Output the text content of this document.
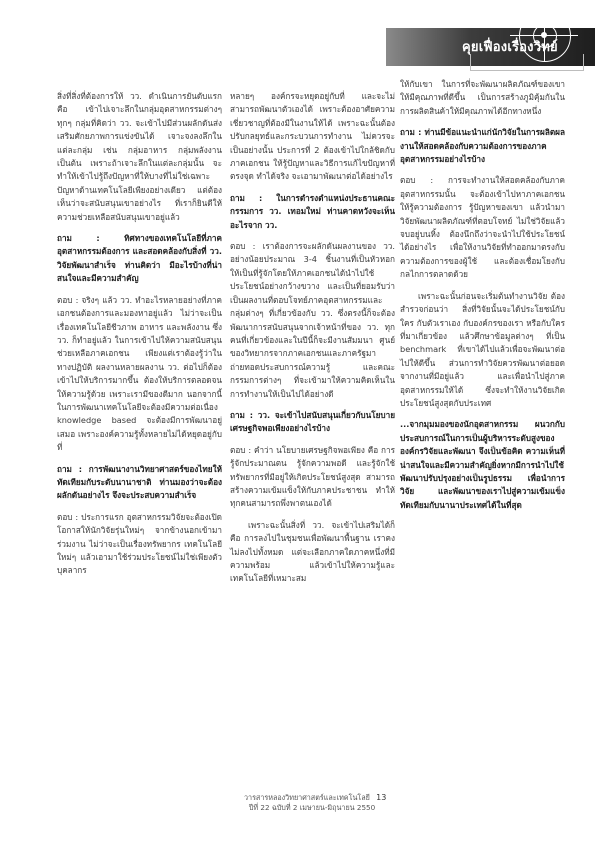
คุยเฟื่องเรื่องวิทย์

สิ่งที่สิ่งที่ต้องการให้ วว. ดำเนินการยันดับแรกคือ เข้าไปเจาะลึกในกลุ่มอุตสาหกรรมต่างๆ ทุกๆ กลุ่มที่คิดว่า วว. จะเข้าไปมีส่วนผลักดันส่งเสริมศักยภาพการแข่งขันได้ เจาะจงลงลึกในแต่ละกลุ่ม เช่น กลุ่มอาหาร กลุ่มพลังงาน เป็นต้น เพราะถ้าเจาะลึกในแต่ละกลุ่มนั้น จะทำให้เข้าไปรู้ถึงปัญหาที่ให้บางที่ไม่ใช่เฉพาะปัญหาด้านเทคโนโลยีเพียงอย่างเดียว แต่ต้องเห็นว่าจะสนับสนุนเขาอย่างไร ที่เราก็ยินดีให้ความช่วยเหลือสนับสนุนเขาอยู่แล้ว

ถาม : ทิศทางของเทคโนโลยีที่ภาคอุตสาหกรรมต้องการ และสอดคล้องกับสิ่งที่ วว. วิจัยพัฒนาสำเร็จ ท่านคิดว่า มีอะไรบ้างที่น่าสนใจและมีความสำคัญ

ตอบ : จริงๆ แล้ว วว. ทำอะไรหลายอย่างที่ภาคเอกชนต้องการและมองหาอยู่แล้ว ไม่ว่าจะเป็นเรื่องเทคโนโลยีชีวภาพ อาหาร และพลังงาน ซึ่ง วว. ก็ทำอยู่แล้ว ในการเข้าไปให้ความสนับสนุนช่วยเหลือภาคเอกชน เพียงแต่เราต้องรู้ว่าในทางปฏิบัติ ผลงานหลายผลงาน วว. ต่อไปก็ต้องเข้าไปให้บริการมากขึ้น ต้องให้บริการตลอดจนให้ความรู้ด้วย เพราะเรามีของดีมาก นอกจากนี้ในการพัฒนาเทคโนโลยีจะต้องมีความต่อเนื่อง knowledge based จะต้องมีการพัฒนาอยู่เสมอ เพราะองค์ความรู้ทั้งหลายไม่ได้หยุดอยู่กับที่

ถาม : การพัฒนางานวิทยาศาสตร์ของไทยให้ทัดเทียมกับระดับนานาชาติ ท่านมองว่าจะต้องผลักดันอย่างไร จึงจะประสบความสำเร็จ

ตอบ : ประการแรก อุตสาหกรรมวิจัยจะต้องเปิดโอกาสให้นักวิจัยรุ่นใหม่ๆ จากข้างนอกเข้ามาร่วมงาน ไม่ว่าจะเป็นเรื่องทรัพยากร เทคโนโลยีใหม่ๆ แล้วเอามาใช้ร่วมประโยชน์ไม่ใช่เพียงตัวบุคลากร

หลายๆ องค์กรจะหยุดอยู่กับที่ และจะไม่สามารถพัฒนาตัวเองได้ เพราะต้องอาศัยความเชี่ยวชาญที่ต้องมีในงานให้ได้ เพราะฉะนั้นต้องปรับกลยุทธ์และกระบวนการทำงาน ไม่ควรจะเป็นอย่างนั้น ประการที่ 2 ต้องเข้าไปใกล้ชิดกับภาคเอกชน ให้รู้ปัญหาและวิธีการแก้ไขปัญหาที่ตรงจุด ทำได้จริง จะเอามาพัฒนาต่อได้อย่างไร

ถาม : ในการดำรงตำแหน่งประธานคณะกรรมการ วว. เทอมใหม่ ท่านคาดหวังจะเห็นอะไรจาก วว.

ตอบ : เราต้องการจะผลักดันผลงานของ วว. อย่างน้อยประมาณ 3-4 ชิ้นงานที่เป็นหัวหอก ให้เป็นที่รู้จักโดยให้ภาคเอกชนได้นำไปใช้ประโยชน์อย่างกว้างขวาง และเป็นที่ยอมรับว่าเป็นผลงานที่ตอบโจทย์ภาคอุตสาหกรรมและกลุ่มต่างๆ ที่เกี่ยวข้องกับ วว. ซึ่งตรงนี้ก็จะต้องพัฒนาการสนับสนุนจากเจ้าหน้าที่ของ วว. ทุกคนที่เกี่ยวข้องและในปีนี้ก็จะมีงานสัมมนา ศูนย์ของวิทยากรจากภาคเอกชนและภาครัฐมาถ่ายทอดประสบการณ์ความรู้ และคณะกรรมการต่างๆ ที่จะเข้ามาให้ความคิดเห็นในการทำงานให้เป็นไปได้อย่างดี

ถาม : วว. จะเข้าไปสนับสนุนเกี่ยวกับนโยบายเศรษฐกิจพอเพียงอย่างไรบ้าง

ตอบ : คำว่า นโยบายเศรษฐกิจพอเพียง คือ การรู้จักประมาณตน รู้จักความพอดี และรู้จักใช้ทรัพยากรที่มีอยู่ให้เกิดประโยชน์สูงสุด สามารถสร้างความเข้มแข็งให้กับภาคประชาชน ทำให้ทุกคนสามารถพึ่งพาตนเองได้

เพราะฉะนั้นสิ่งที่ วว. จะเข้าไปเสริมได้ก็คือ การลงไปในชุมชนเพื่อพัฒนาพื้นฐาน เราคงไม่ลงไปทั้งหมด แต่จะเลือกภาคใดภาคหนึ่งที่มีความพร้อม แล้วเข้าไปให้ความรู้และเทคโนโลยีที่เหมาะสม

ให้กับเขา ในการที่จะพัฒนาผลิตภัณฑ์ของเขาให้มีคุณภาพที่ดีขึ้น เป็นการสร้างภูมิคุ้มกันในการผลิตสินค้าให้มีคุณภาพได้อีกทางหนึ่ง

ถาม : ท่านมีข้อแนะนำแก่นักวิจัยในการผลิตผลงานให้สอดคล้องกับความต้องการของภาคอุตสาหกรรมอย่างไรบ้าง

ตอบ : การจะทำงานให้สอดคล้องกับภาคอุตสาหกรรมนั้น จะต้องเข้าไปหาภาคเอกชน ให้รู้ความต้องการ รู้ปัญหาของเขา แล้วนำมาวิจัยพัฒนาผลิตภัณฑ์ที่ตอบโจทย์ ไม่ใช่วิจัยแล้วจบอยู่บนหิ้ง ต้องนึกถึงว่าจะนำไปใช้ประโยชน์ได้อย่างไร เพื่อให้งานวิจัยที่ทำออกมาตรงกับความต้องการของผู้ใช้ และต้องเชื่อมโยงกับกลไกการตลาดด้วย

เพราะฉะนั้นก่อนจะเริ่มต้นทำงานวิจัย ต้องสำรวจก่อนว่า สิ่งที่วิจัยนั้นจะได้ประโยชน์กับใคร กับตัวเราเอง กับองค์กรของเรา หรือกับใคร ที่มาเกี่ยวข้อง แล้วศึกษาข้อมูลต่างๆ ที่เป็น benchmark ที่เขาได้ไปแล้วเพื่อจะพัฒนาต่อไปให้ดีขึ้น ส่วนการทำวิจัยควรพัฒนาต่อยอดจากงานที่มีอยู่แล้ว และเพื่อนำไปสู่ภาคอุตสาหกรรมให้ได้ ซึ่งจะทำให้งานวิจัยเกิดประโยชน์สูงสุดกับประเทศ

...จากมุมมองของนักอุตสาหกรรม ผนวกกับประสบการณ์ในการเป็นผู้บริหารระดับสูงขององค์กรวิจัยและพัฒนา จึงเป็นข้อคิด ความเห็นที่น่าสนใจและมีความสำคัญยิ่งหากมีการนำไปใช้พัฒนาปรับปรุงอย่างเป็นรูปธรรม เพื่อนำการวิจัย และพัฒนาของเราไปสู่ความเข้มแข็ง ทัดเทียมกับนานาประเทศได้ในที่สุด

วารสารหลองวิทยาศาสตร์และเทคโนโลยี 13
ปีที่ 22 ฉบับที่ 2 เมษายน-มิถุนายน 2550
